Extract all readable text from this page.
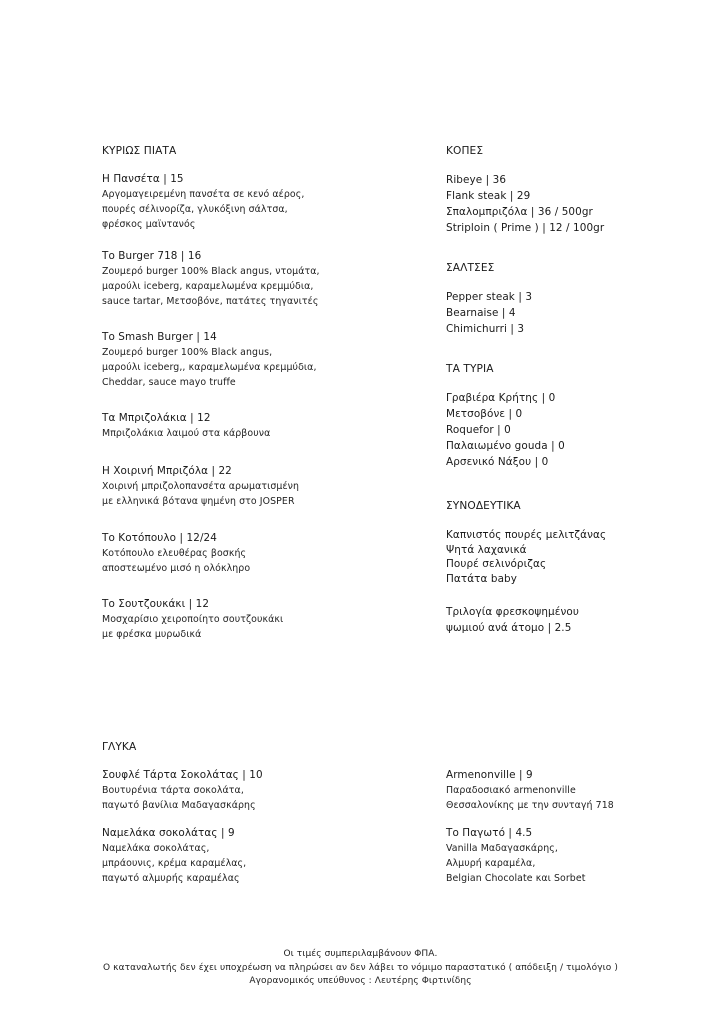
ΚΥΡΙΩΣ ΠΙΑΤΑ

Η Πανσέτα | 15

Αργομαγειρεμένη πανσέτα σε κενό αέρος,

πουρές σέλινορίζα, γλυκόξινη σάλτσα,

φρέσκος μαϊντανός

Το Burger 718 | 16

Ζουμερό burger 100% Black angus, ντομάτα,

μαρούλι iceberg, καραμελωμένα κρεμμύδια,

sauce tartar, Μετσοβόνε, πατάτες τηγανιτές

Το Smash Burger | 14

Ζουμερό burger 100% Black angus,

μαρούλι iceberg,, καραμελωμένα κρεμμύδια,

Cheddar, sauce mayo truffe

Τα Μπριζολάκια | 12

Μπριζολάκια λαιμού στα κάρβουνα

Η Χοιρινή Μπριζόλα | 22

Χοιρινή μπριζολοπανσέτα αρωματισμένη

με ελληνικά βότανα ψημένη στο JOSPER

Το Κοτόπουλο | 12/24

Κοτόπουλο ελευθέρας βοσκής

αποστεωμένο μισό η ολόκληρο

Το Σουτζουκάκι | 12

Μοσχαρίσιο χειροποίητο σουτζουκάκι

με φρέσκα μυρωδικά

ΚΟΠΕΣ

Ribeye | 36

Flank steak | 29

Σπαλομπριζόλα | 36 / 500gr

Striploin ( Prime ) | 12 / 100gr

ΣΑΛΤΣΕΣ

Pepper steak | 3

Bearnaise | 4

Chimichurri | 3

ΤΑ ΤΥΡΙΑ

Γραβιέρα Κρήτης | 0

Μετσοβόνε | 0

Roquefor | 0

Παλαιωμένο gouda | 0

Αρσενικό Νάξου | 0

ΣΥΝΟΔΕΥΤΙΚΑ

Καπνιστός πουρές μελιτζάνας

Ψητά λαχανικά

Πουρέ σελινόριζας

Πατάτα baby

Τριλογία φρεσκοψημένου

ψωμιού ανά άτομο | 2.5

ΓΛΥΚΑ

Σουφλέ Τάρτα Σοκολάτας | 10

Βουτυρένια τάρτα σοκολάτα,

παγωτό βανίλια Μαδαγασκάρης

Ναμελάκα σοκολάτας | 9

Ναμελάκα σοκολάτας,

μπράουνις, κρέμα καραμέλας,

παγωτό αλμυρής καραμέλας

Armenonville | 9

Παραδοσιακό armenonville

Θεσσαλονίκης με την συνταγή 718

Το Παγωτό | 4.5

Vanilla Μαδαγασκάρης,

Αλμυρή καραμέλα,

Belgian Chocolate και Sorbet

Οι τιμές συμπεριλαμβάνουν ΦΠΑ.
Ο καταναλωτής δεν έχει υποχρέωση να πληρώσει αν δεν λάβει το νόμιμο παραστατικό ( απόδειξη / τιμολόγιο )
Αγορανομικός υπεύθυνος : Λευτέρης Φιρτινίδης
